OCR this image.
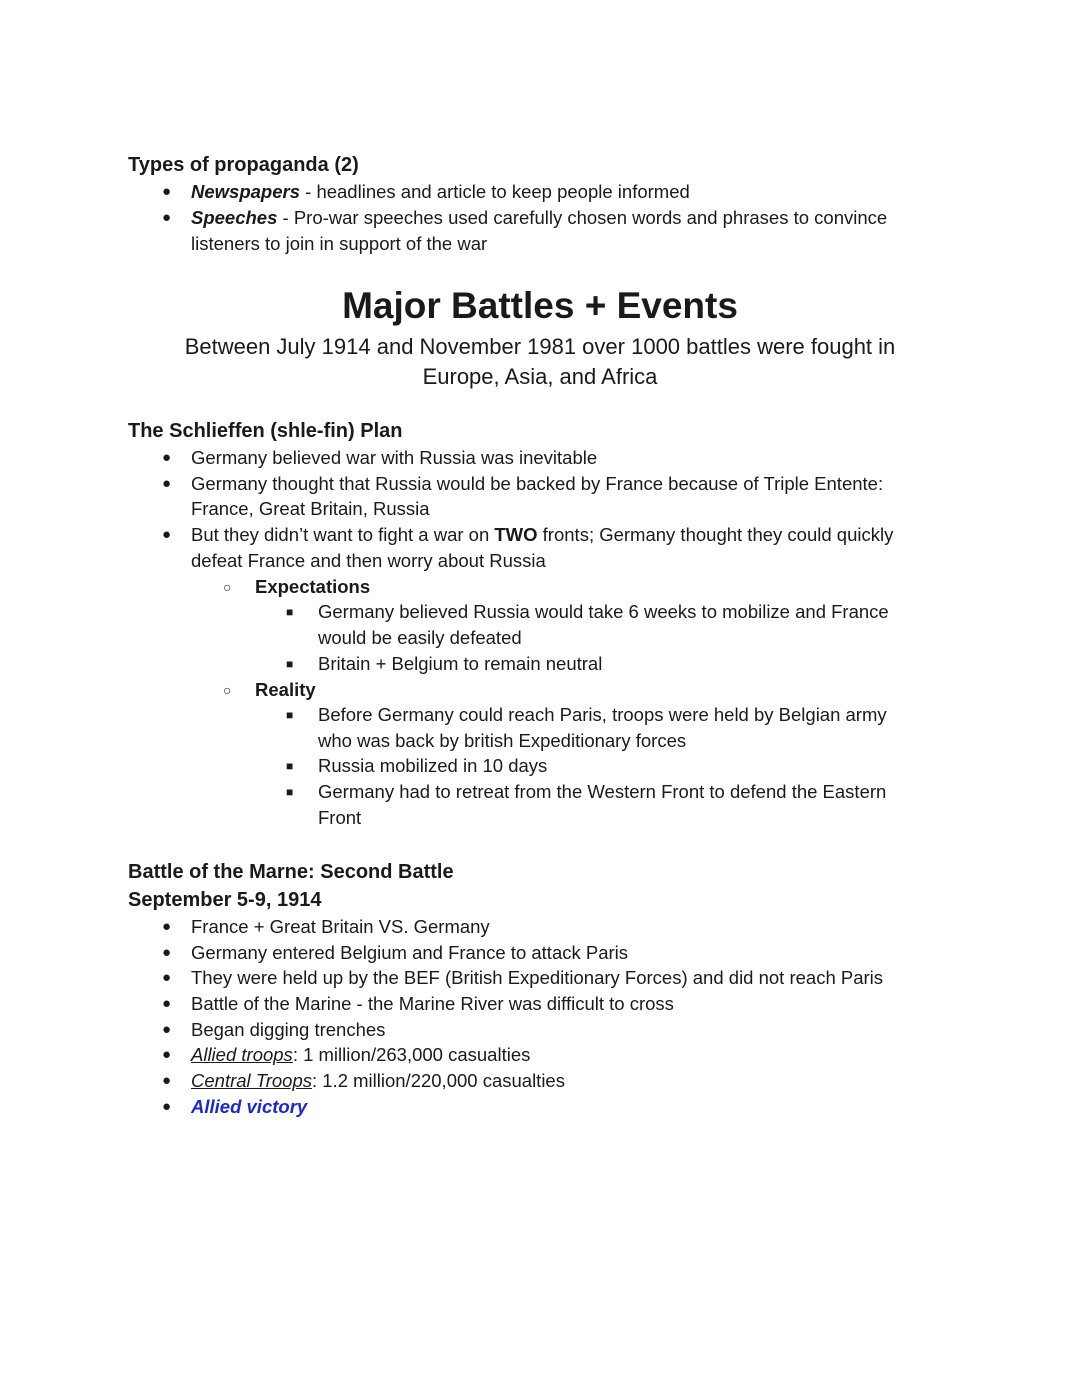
Types of propaganda (2)
● Newspapers - headlines and article to keep people informed
● Speeches - Pro-war speeches used carefully chosen words and phrases to convince
listeners to join in support of the war
Major Battles + Events
Between July 1914 and November 1981 over 1000 battles were fought in
Europe, Asia, and Africa
The Schlieffen (shle-fin) Plan
● Germany believed war with Russia was inevitable
● Germany thought that Russia would be backed by France because of Triple Entente:
France, Great Britain, Russia
● But they didn’t want to fight a war on TWO fronts; Germany thought they could quickly
defeat France and then worry about Russia
○ Expectations
■ Germany believed Russia would take 6 weeks to mobilize and France
would be easily defeated
■ Britain + Belgium to remain neutral
○ Reality
■ Before Germany could reach Paris, troops were held by Belgian army
who was back by british Expeditionary forces
■ Russia mobilized in 10 days
■ Germany had to retreat from the Western Front to defend the Eastern
Front
Battle of the Marne: Second Battle
September 5-9, 1914
● France + Great Britain VS. Germany
● Germany entered Belgium and France to attack Paris
● They were held up by the BEF (British Expeditionary Forces) and did not reach Paris
● Battle of the Marine - the Marine River was difficult to cross
● Began digging trenches
● Allied troops: 1 million/263,000 casualties
● Central Troops: 1.2 million/220,000 casualties
● Allied victory
